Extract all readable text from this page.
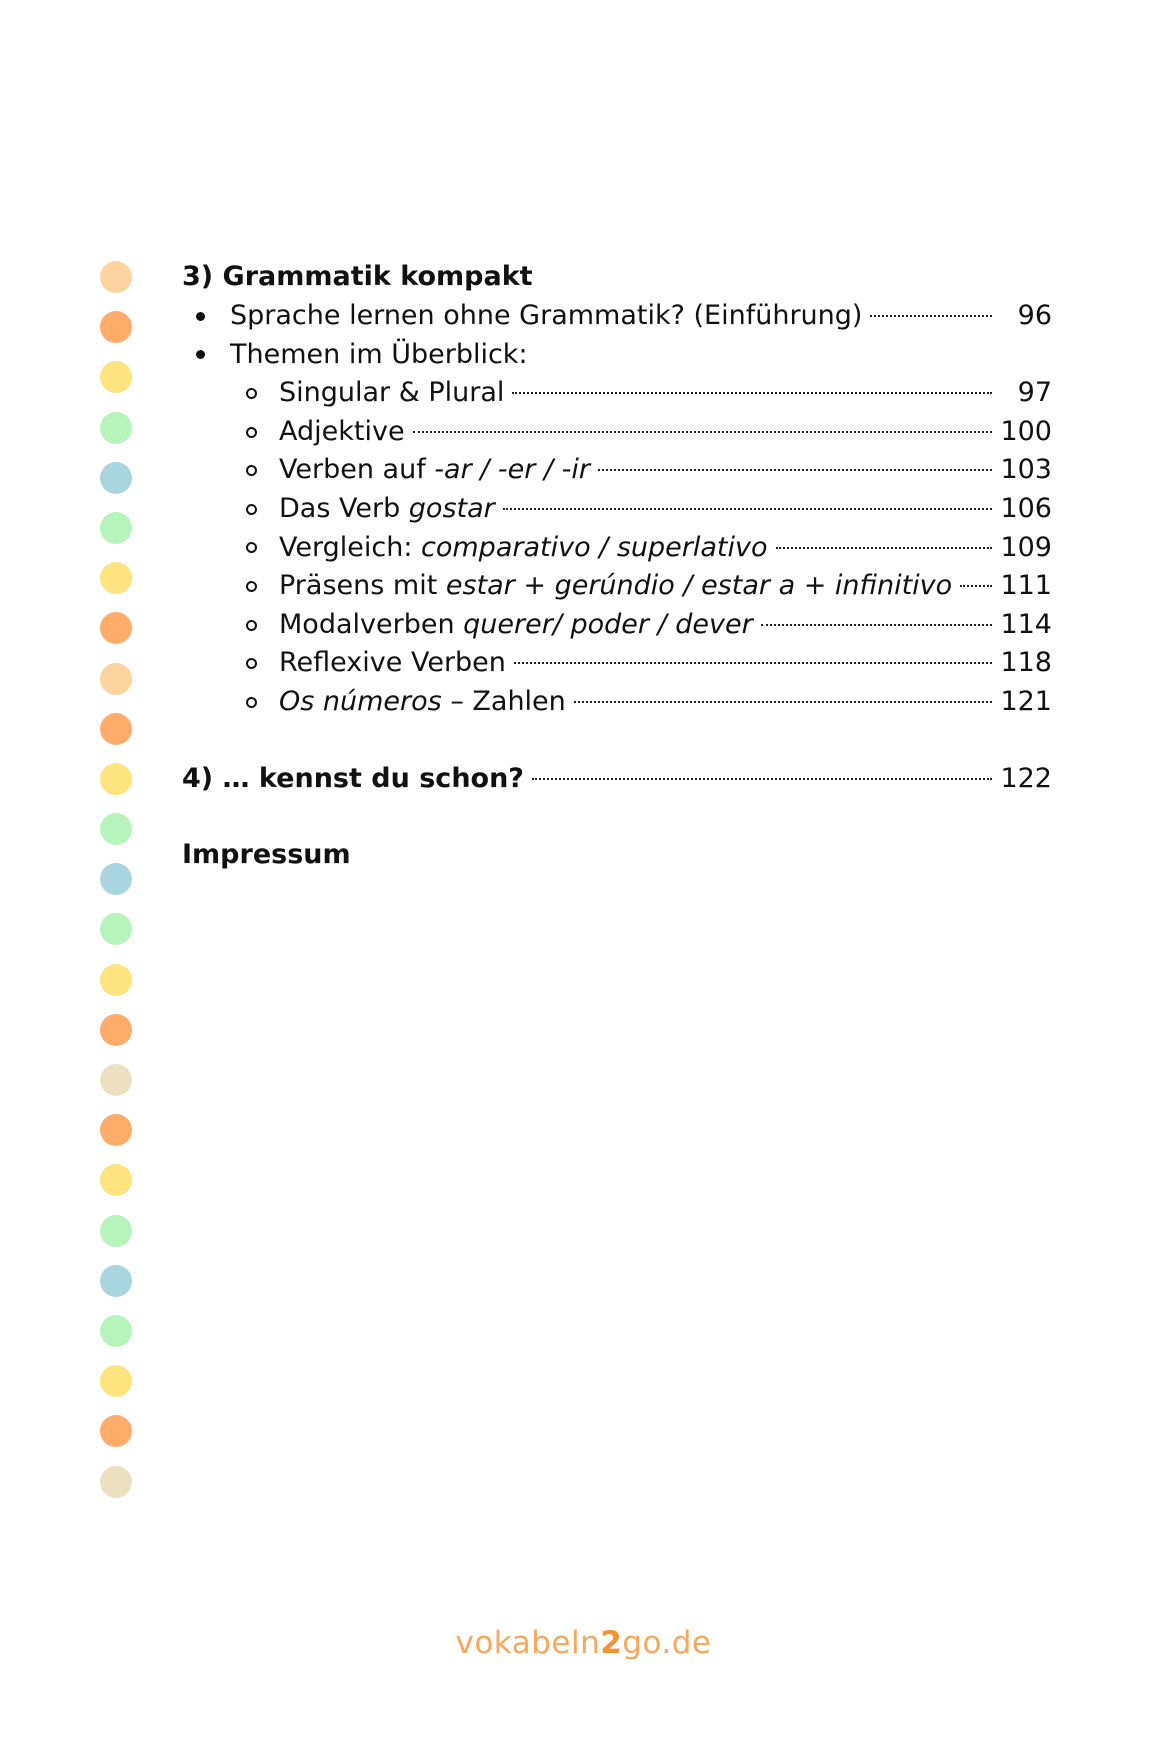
3) Grammatik kompakt
Sprache lernen ohne Grammatik? (Einführung)	96
Themen im Überblick:
Singular & Plural	97
Adjektive	100
Verben auf -ar / -er / -ir	103
Das Verb gostar	106
Vergleich: comparativo / superlativo	109
Präsens mit estar + gerúndio / estar a + infinitivo 111
Modalverben querer/ poder / dever	114
Reflexive Verben	118
Os números – Zahlen	121
4) … kennst du schon?	122
Impressum
vokabeln2go.de
